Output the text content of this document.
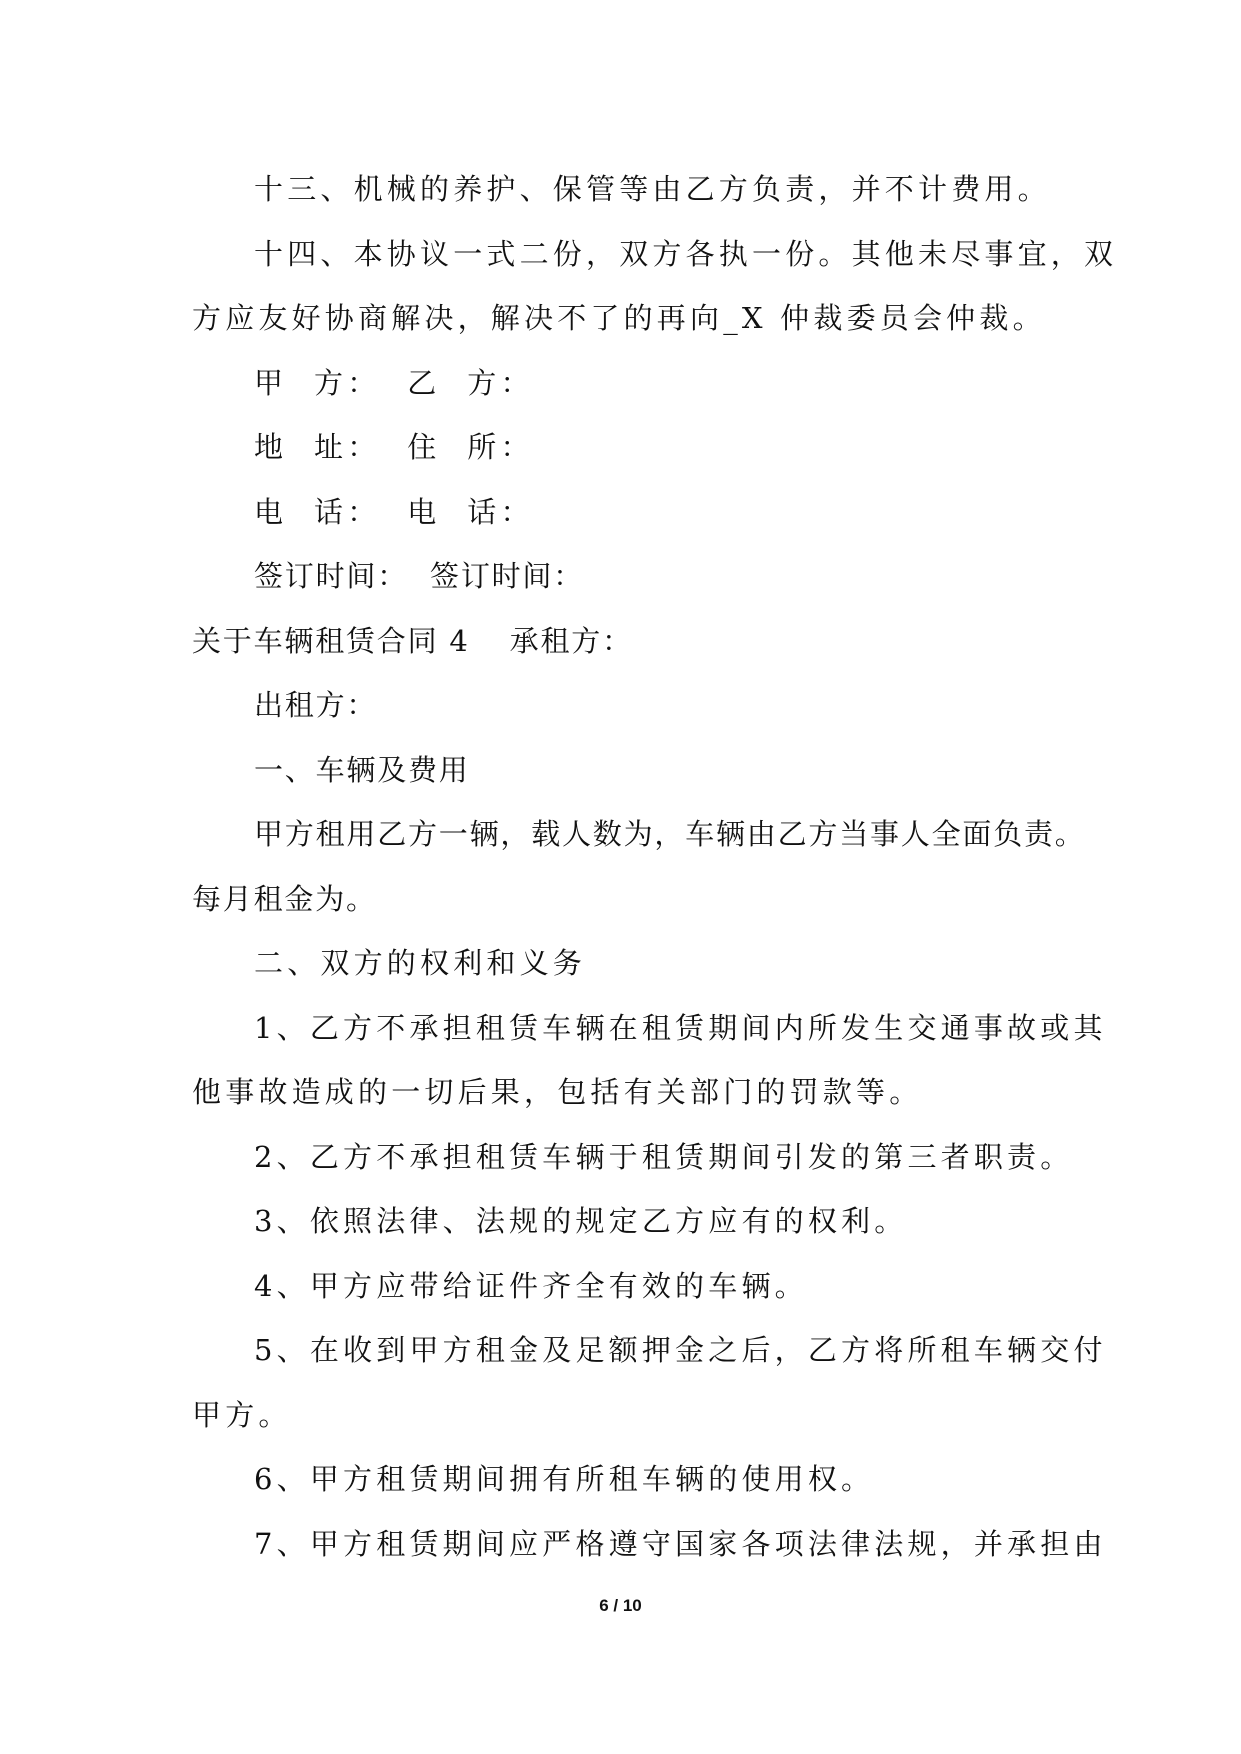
十三、机械的养护、保管等由乙方负责，并不计费用。

十四、本协议一式二份，双方各执一份。其他未尽事宜，双

方应友好协商解决，解决不了的再向_X 仲裁委员会仲裁。

甲  方：  乙  方：

地  址：  住  所：

电  话：  电  话：

签订时间：  签订时间：

关于车辆租赁合同 4 承租方：

出租方：

一、车辆及费用

甲方租用乙方一辆，载人数为，车辆由乙方当事人全面负责。

每月租金为。

二、双方的权利和义务

1、乙方不承担租赁车辆在租赁期间内所发生交通事故或其

他事故造成的一切后果，包括有关部门的罚款等。

2、乙方不承担租赁车辆于租赁期间引发的第三者职责。

3、依照法律、法规的规定乙方应有的权利。

4、甲方应带给证件齐全有效的车辆。

5、在收到甲方租金及足额押金之后，乙方将所租车辆交付

甲方。

6、甲方租赁期间拥有所租车辆的使用权。

7、甲方租赁期间应严格遵守国家各项法律法规，并承担由

6 / 10
